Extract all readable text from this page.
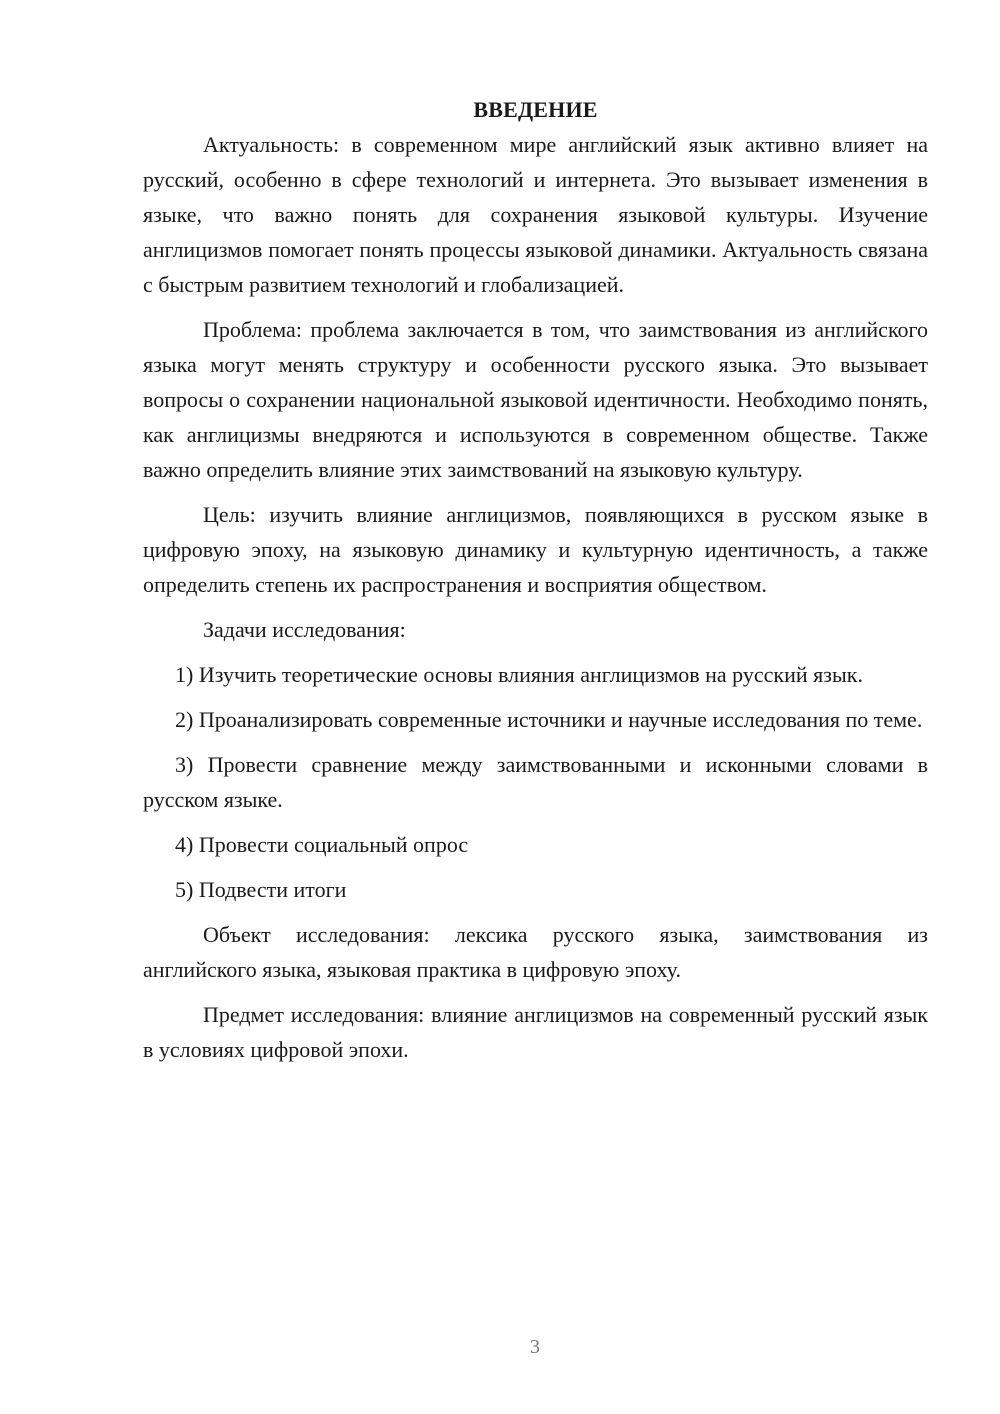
ВВЕДЕНИЕ

Актуальность: в современном мире английский язык активно влияет на русский, особенно в сфере технологий и интернета. Это вызывает изменения в языке, что важно понять для сохранения языковой культуры. Изучение англицизмов помогает понять процессы языковой динамики. Актуальность связана с быстрым развитием технологий и глобализацией.

Проблема: проблема заключается в том, что заимствования из английского языка могут менять структуру и особенности русского языка. Это вызывает вопросы о сохранении национальной языковой идентичности. Необходимо понять, как англицизмы внедряются и используются в современном обществе. Также важно определить влияние этих заимствований на языковую культуру.

Цель: изучить влияние англицизмов, появляющихся в русском языке в цифровую эпоху, на языковую динамику и культурную идентичность, а также определить степень их распространения и восприятия обществом.

Задачи исследования:

1) Изучить теоретические основы влияния англицизмов на русский язык.

2) Проанализировать современные источники и научные исследования по теме.

3) Провести сравнение между заимствованными и исконными словами в русском языке.

4) Провести социальный опрос

5) Подвести итоги

Объект исследования: лексика русского языка, заимствования из английского языка, языковая практика в цифровую эпоху.

Предмет исследования: влияние англицизмов на современный русский язык в условиях цифровой эпохи.

3
